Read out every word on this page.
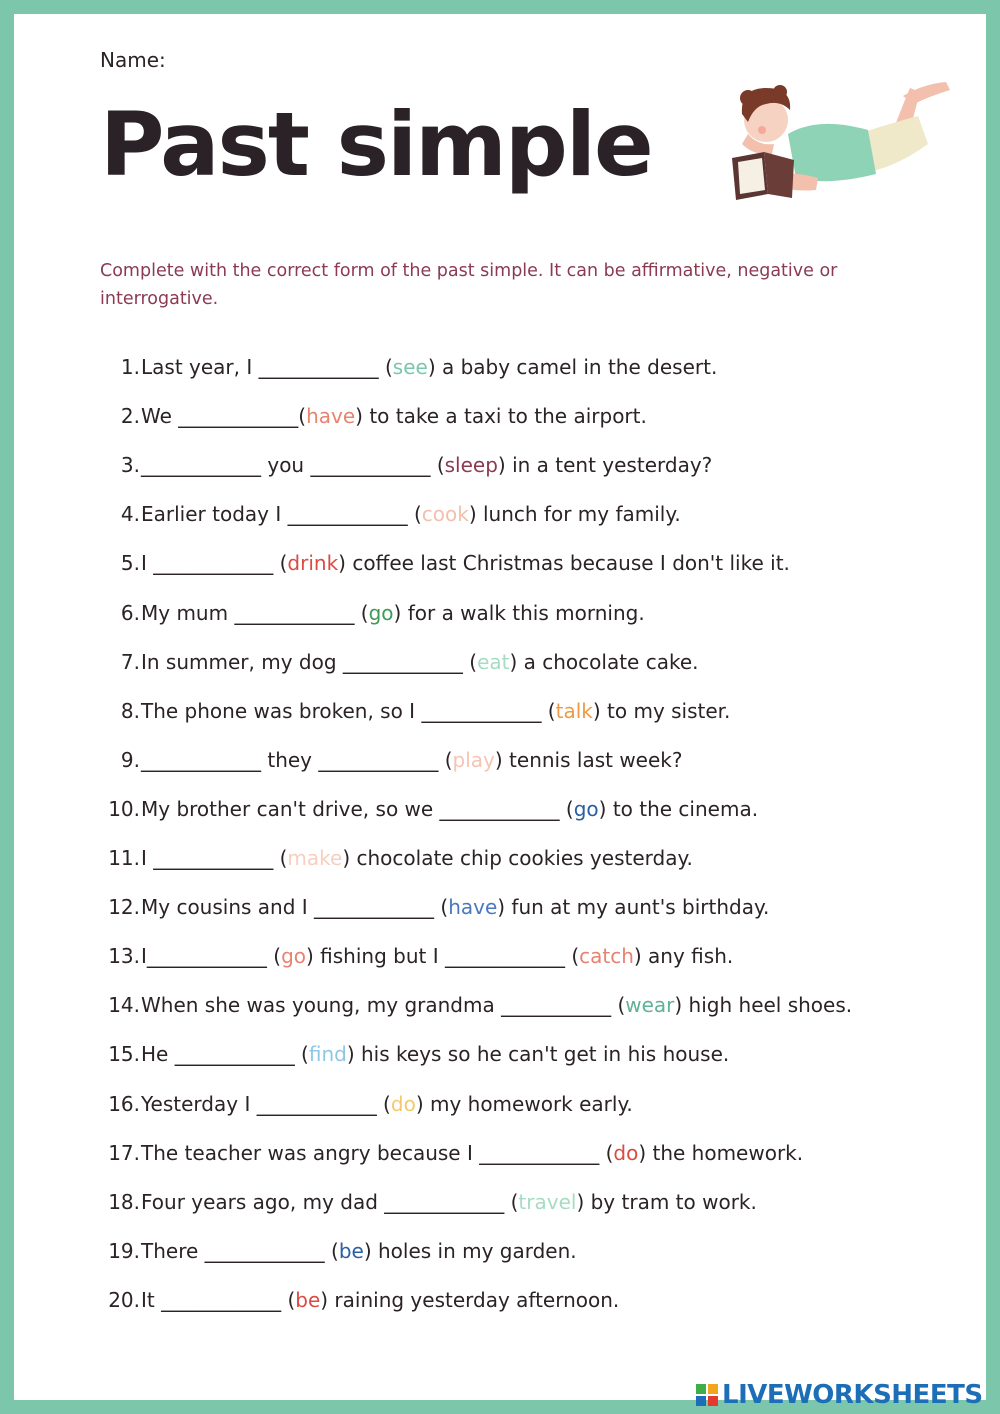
Name:
Past simple
Complete with the correct form of the past simple. It can be affirmative, negative or interrogative.
1. Last year, I ____________ (see) a baby camel in the desert.
2. We ____________(have) to take a taxi to the airport.
3. ____________ you ____________ (sleep) in a tent yesterday?
4. Earlier today I ____________ (cook) lunch for my family.
5. I ____________ (drink) coffee last Christmas because I don't like it.
6. My mum ____________ (go) for a walk this morning.
7. In summer, my dog ____________ (eat) a chocolate cake.
8. The phone was broken, so I ____________ (talk) to my sister.
9. ____________ they ____________ (play) tennis last week?
10. My brother can't drive, so we ____________ (go) to the cinema.
11. I ____________ (make) chocolate chip cookies yesterday.
12. My cousins and I ____________ (have) fun at my aunt's birthday.
13. I____________ (go) fishing but I ____________ (catch) any fish.
14. When she was young, my grandma ___________ (wear) high heel shoes.
15. He ____________ (find) his keys so he can't get in his house.
16. Yesterday I ____________ (do) my homework early.
17. The teacher was angry because I ____________ (do) the homework.
18. Four years ago, my dad ____________ (travel) by tram to work.
19. There ____________ (be) holes in my garden.
20. It ____________ (be) raining yesterday afternoon.
LIVEWORKSHEETS
